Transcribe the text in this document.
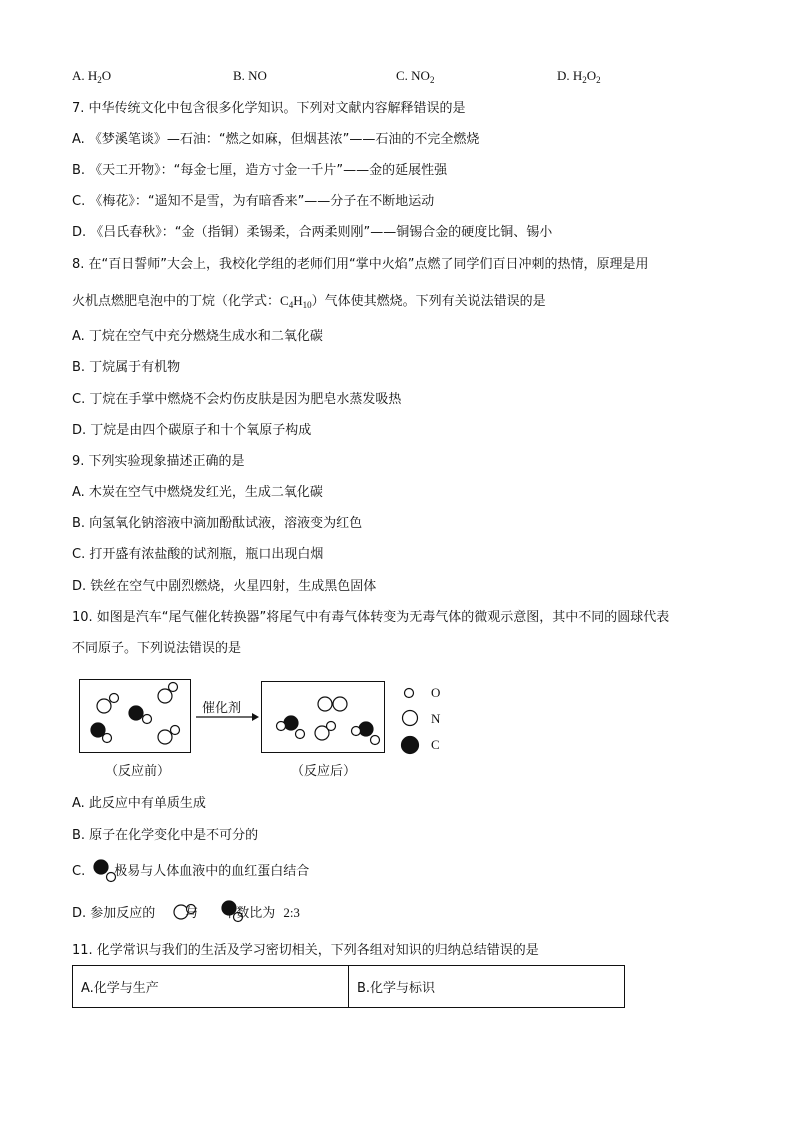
A. $H_2O$	B. NO	C. $NO_2$	D. $H_2O_2$
7. 中华传统文化中包含很多化学知识。下列对文献内容解释错误的是
A. 《梦溪笔谈》—石油：“燃之如麻，但烟甚浓”——石油的不完全燃烧
B. 《天工开物》：“每金七厘，造方寸金一千片”——金的延展性强
C. 《梅花》：“遥知不是雪，为有暗香来”——分子在不断地运动
D. 《吕氏春秋》：“金（指铜）柔锡柔，合两柔则刚”——铜锡合金的硬度比铜、锡小
8. 在“百日誓师”大会上，我校化学组的老师们用“掌中火焰”点燃了同学们百日冲刺的热情，原理是用
火机点燃肥皂泡中的丁烷（化学式：$C_4H_{10}$）气体使其燃烧。下列有关说法错误的是
A. 丁烷在空气中充分燃烧生成水和二氧化碳
B. 丁烷属于有机物
C. 丁烷在手掌中燃烧不会灼伤皮肤是因为肥皂水蒸发吸热
D. 丁烷是由四个碳原子和十个氧原子构成
9. 下列实验现象描述正确的是
A. 木炭在空气中燃烧发红光，生成二氧化碳
B. 向氢氧化钠溶液中滴加酚酞试液，溶液变为红色
C. 打开盛有浓盐酸的试剂瓶，瓶口出现白烟
D. 铁丝在空气中剧烈燃烧，火星四射，生成黑色固体
10. 如图是汽车“尾气催化转换器”将尾气中有毒气体转变为无毒气体的微观示意图，其中不同的圆球代表
不同原子。下列说法错误的是
催化剂
（反应前）	（反应后）
O
N
C
A. 此反应中有单质生成
B. 原子在化学变化中是不可分的
C. 极易与人体血液中的血红蛋白结合
D. 参加反应的 与 个数比为 2:3
11. 化学常识与我们的生活及学习密切相关，下列各组对知识的归纳总结错误的是
A.化学与生产	B.化学与标识
